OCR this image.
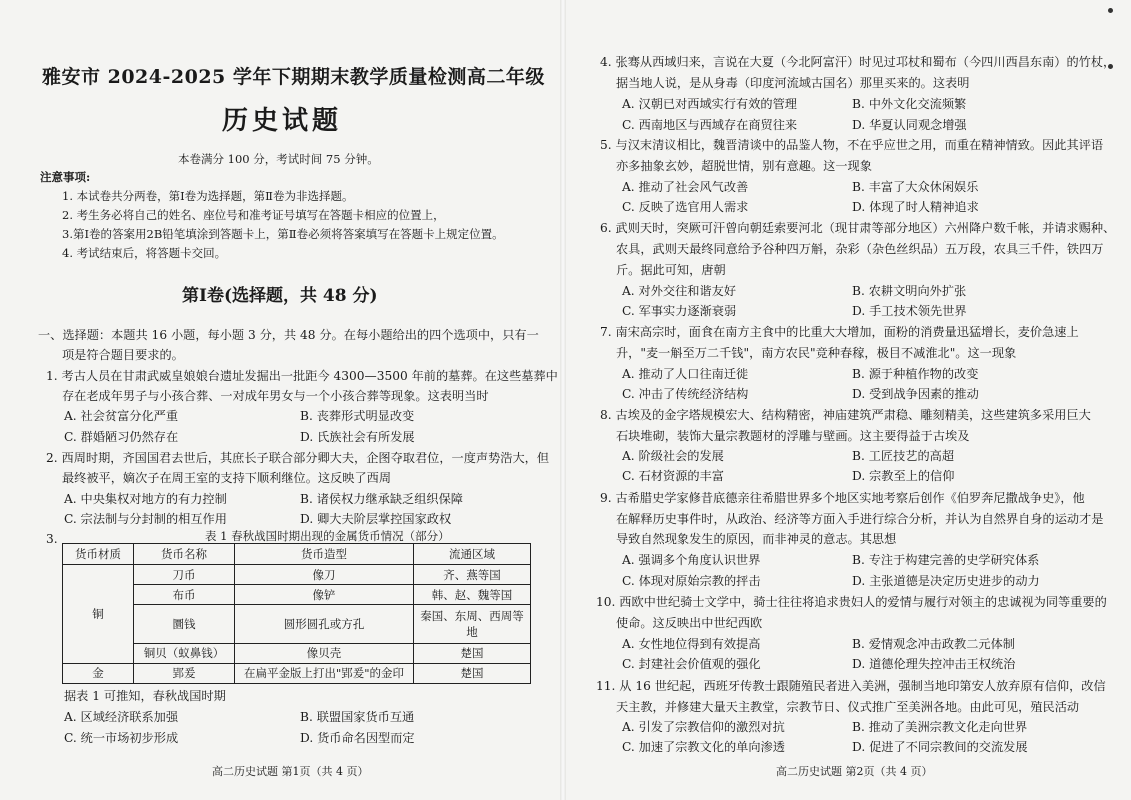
雅安市 2024-2025 学年下期期末教学质量检测高二年级
历史试题
本卷满分 100 分，考试时间 75 分钟。
注意事项:
1. 本试卷共分两卷，第Ⅰ卷为选择题，第Ⅱ卷为非选择题。
2. 考生务必将自己的姓名、座位号和准考证号填写在答题卡相应的位置上，
3.第Ⅰ卷的答案用2B铅笔填涂到答题卡上，第Ⅱ卷必须将答案填写在答题卡上规定位置。
4. 考试结束后，将答题卡交回。
第Ⅰ卷(选择题，共 48 分)
一、选择题：本题共 16 小题，每小题 3 分，共 48 分。在每小题给出的四个选项中，只有一
项是符合题目要求的。
1. 考古人员在甘肃武威皇娘娘台遗址发掘出一批距今 4300—3500 年前的墓葬。在这些墓葬中
存在老成年男子与小孩合葬、一对成年男女与一个小孩合葬等现象。这表明当时
A. 社会贫富分化严重	B. 丧葬形式明显改变
C. 群婚陋习仍然存在	D. 氏族社会有所发展
2. 西周时期，齐国国君去世后，其庶长子联合部分卿大夫，企图夺取君位，一度声势浩大，但
最终被平，嫡次子在周王室的支持下顺利继位。这反映了西周
A. 中央集权对地方的有力控制	B. 诸侯权力继承缺乏组织保障
C. 宗法制与分封制的相互作用	D. 卿大夫阶层掌控国家政权
3.	表 1 春秋战国时期出现的金属货币情况（部分）
货币材质	货币名称	货币造型	流通区域
铜	刀币	像刀	齐、燕等国
	布币	像铲	韩、赵、魏等国
	圜钱	圆形圆孔或方孔	秦国、东周、西周等地
	铜贝（蚁鼻钱）	像贝壳	楚国
金	郢爰	在扁平金版上打出"郢爰"的金印	楚国
据表 1 可推知，春秋战国时期
A. 区域经济联系加强	B. 联盟国家货币互通
C. 统一市场初步形成	D. 货币命名因型而定
高二历史试题 第1页（共 4 页）
4. 张骞从西域归来，言说在大夏（今北阿富汗）时见过邛杖和蜀布（今四川西昌东南）的竹杖，
据当地人说，是从身毒（印度河流域古国名）那里买来的。这表明
A. 汉朝已对西域实行有效的管理	B. 中外文化交流频繁
C. 西南地区与西域存在商贸往来	D. 华夏认同观念增强
5. 与汉末清议相比，魏晋清谈中的品鉴人物，不在乎应世之用，而重在精神情致。因此其评语
亦多抽象玄妙，超脱世情，别有意趣。这一现象
A. 推动了社会风气改善	B. 丰富了大众休闲娱乐
C. 反映了选官用人需求	D. 体现了时人精神追求
6. 武则天时，突厥可汗曾向朝廷索要河北（现甘肃等部分地区）六州降户数千帐，并请求赐种、
农具，武则天最终同意给予谷种四万斛，杂彩（杂色丝织品）五万段，农具三千件，铁四万
斤。据此可知，唐朝
A. 对外交往和谐友好	B. 农耕文明向外扩张
C. 军事实力逐渐衰弱	D. 手工技术领先世界
7. 南宋高宗时，面食在南方主食中的比重大大增加，面粉的消费量迅猛增长，麦价急速上
升，"麦一斛至万二千钱"，南方农民"竞种春稼，极目不减淮北"。这一现象
A. 推动了人口往南迁徙	B. 源于种植作物的改变
C. 冲击了传统经济结构	D. 受到战争因素的推动
8. 古埃及的金字塔规模宏大、结构精密，神庙建筑严肃稳、雕刻精美，这些建筑多采用巨大
石块堆砌，装饰大量宗教题材的浮雕与壁画。这主要得益于古埃及
A. 阶级社会的发展	B. 工匠技艺的高超
C. 石材资源的丰富	D. 宗教至上的信仰
9. 古希腊史学家修昔底德亲往希腊世界多个地区实地考察后创作《伯罗奔尼撒战争史》，他
在解释历史事件时，从政治、经济等方面入手进行综合分析，并认为自然界自身的运动才是
导致自然现象发生的原因，而非神灵的意志。其思想
A. 强调多个角度认识世界	B. 专注于构建完善的史学研究体系
C. 体现对原始宗教的抨击	D. 主张道德是决定历史进步的动力
10. 西欧中世纪骑士文学中，骑士往往将追求贵妇人的爱情与履行对领主的忠诚视为同等重要的
使命。这反映出中世纪西欧
A. 女性地位得到有效提高	B. 爱情观念冲击政教二元体制
C. 封建社会价值观的强化	D. 道德伦理失控冲击王权统治
11. 从 16 世纪起，西班牙传教士跟随殖民者进入美洲，强制当地印第安人放弃原有信仰，改信
天主教，并修建大量天主教堂，宗教节日、仪式推广至美洲各地。由此可见，殖民活动
A. 引发了宗教信仰的激烈对抗	B. 推动了美洲宗教文化走向世界
C. 加速了宗教文化的单向渗透	D. 促进了不同宗教间的交流发展
高二历史试题 第2页（共 4 页）
